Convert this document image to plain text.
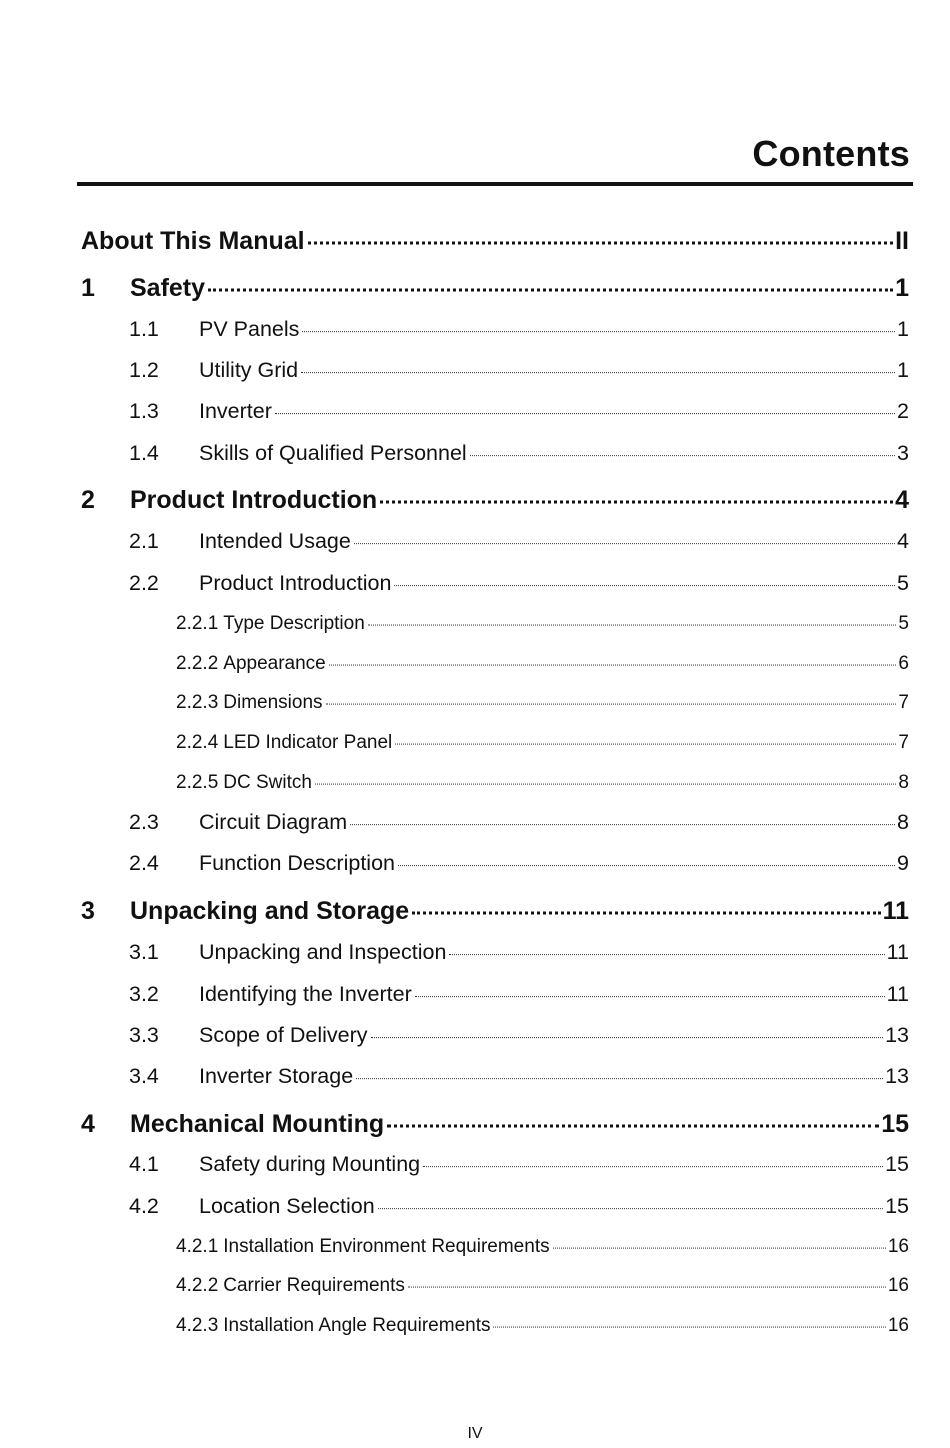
Contents
About This Manual	II
1	Safety	1
1.1	PV Panels	1
1.2	Utility Grid	1
1.3	Inverter	2
1.4	Skills of Qualified Personnel	3
2	Product Introduction	4
2.1	Intended Usage	4
2.2	Product Introduction	5
2.2.1 Type Description	5
2.2.2 Appearance	6
2.2.3 Dimensions	7
2.2.4 LED Indicator Panel	7
2.2.5 DC Switch	8
2.3	Circuit Diagram	8
2.4	Function Description	9
3	Unpacking and Storage	11
3.1	Unpacking and Inspection	11
3.2	Identifying the Inverter	11
3.3	Scope of Delivery	13
3.4	Inverter Storage	13
4	Mechanical Mounting	15
4.1	Safety during Mounting	15
4.2	Location Selection	15
4.2.1 Installation Environment Requirements	16
4.2.2 Carrier Requirements	16
4.2.3 Installation Angle Requirements	16
IV
